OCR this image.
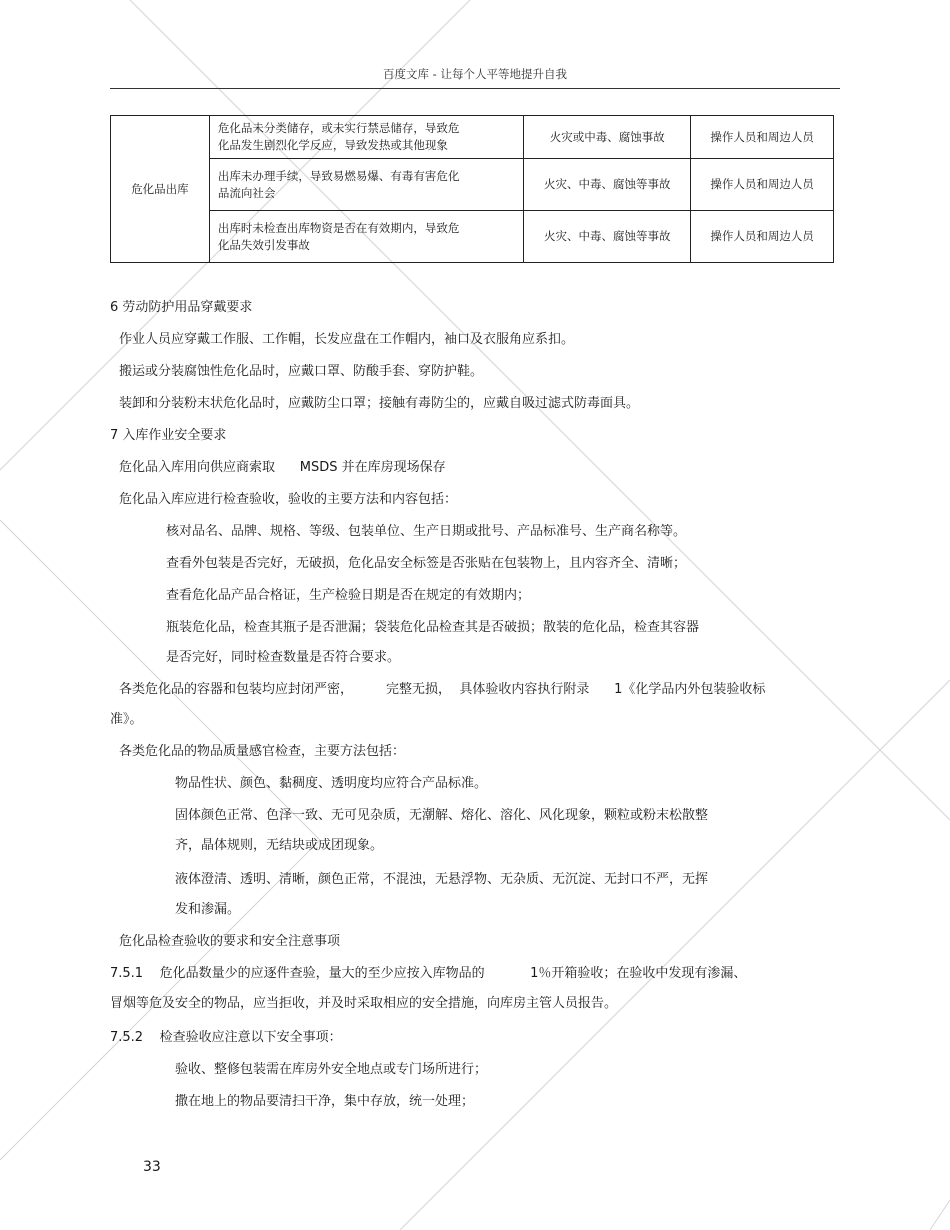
百度文库 - 让每个人平等地提升自我
危化品出库	危化品未分类储存，或未实行禁忌储存，导致危
化品发生剧烈化学反应，导致发热或其他现象	火灾或中毒、腐蚀事故	操作人员和周边人员
	出库未办理手续，导致易燃易爆、有毒有害危化
品流向社会	火灾、中毒、腐蚀等事故	操作人员和周边人员
	出库时未检查出库物资是否在有效期内，导致危
化品失效引发事故	火灾、中毒、腐蚀等事故	操作人员和周边人员
6 劳动防护用品穿戴要求
作业人员应穿戴工作服、工作帽，长发应盘在工作帽内，袖口及衣服角应系扣。
搬运或分装腐蚀性危化品时，应戴口罩、防酸手套、穿防护鞋。
装卸和分装粉末状危化品时，应戴防尘口罩；接触有毒防尘的，应戴自吸过滤式防毒面具。
7 入库作业安全要求
危化品入库用向供应商索取      MSDS 并在库房现场保存
危化品入库应进行检查验收，验收的主要方法和内容包括：
核对品名、品牌、规格、等级、包装单位、生产日期或批号、产品标准号、生产商名称等。
查看外包装是否完好，无破损，危化品安全标签是否张贴在包装物上，且内容齐全、清晰；
查看危化品产品合格证，生产检验日期是否在规定的有效期内；
瓶装危化品，检查其瓶子是否泄漏；袋装危化品检查其是否破损；散装的危化品，检查其容器
是否完好，同时检查数量是否符合要求。
各类危化品的容器和包装均应封闭严密，        完整无损，  具体验收内容执行附录      1《化学品内外包装验收标
准》。
各类危化品的物品质量感官检查，主要方法包括：
物品性状、颜色、黏稠度、透明度均应符合产品标准。
固体颜色正常、色泽一致、无可见杂质，无潮解、熔化、溶化、风化现象，颗粒或粉末松散整
齐，晶体规则，无结块或成团现象。
液体澄清、透明、清晰，颜色正常，不混浊，无悬浮物、无杂质、无沉淀、无封口不严，无挥
发和渗漏。
危化品检查验收的要求和安全注意事项
7.5.1    危化品数量少的应逐件查验，量大的至少应按入库物品的           1％开箱验收；在验收中发现有渗漏、
冒烟等危及安全的物品，应当拒收，并及时采取相应的安全措施，向库房主管人员报告。
7.5.2    检查验收应注意以下安全事项：
验收、整修包装需在库房外安全地点或专门场所进行；
撒在地上的物品要清扫干净，集中存放，统一处理；
33
